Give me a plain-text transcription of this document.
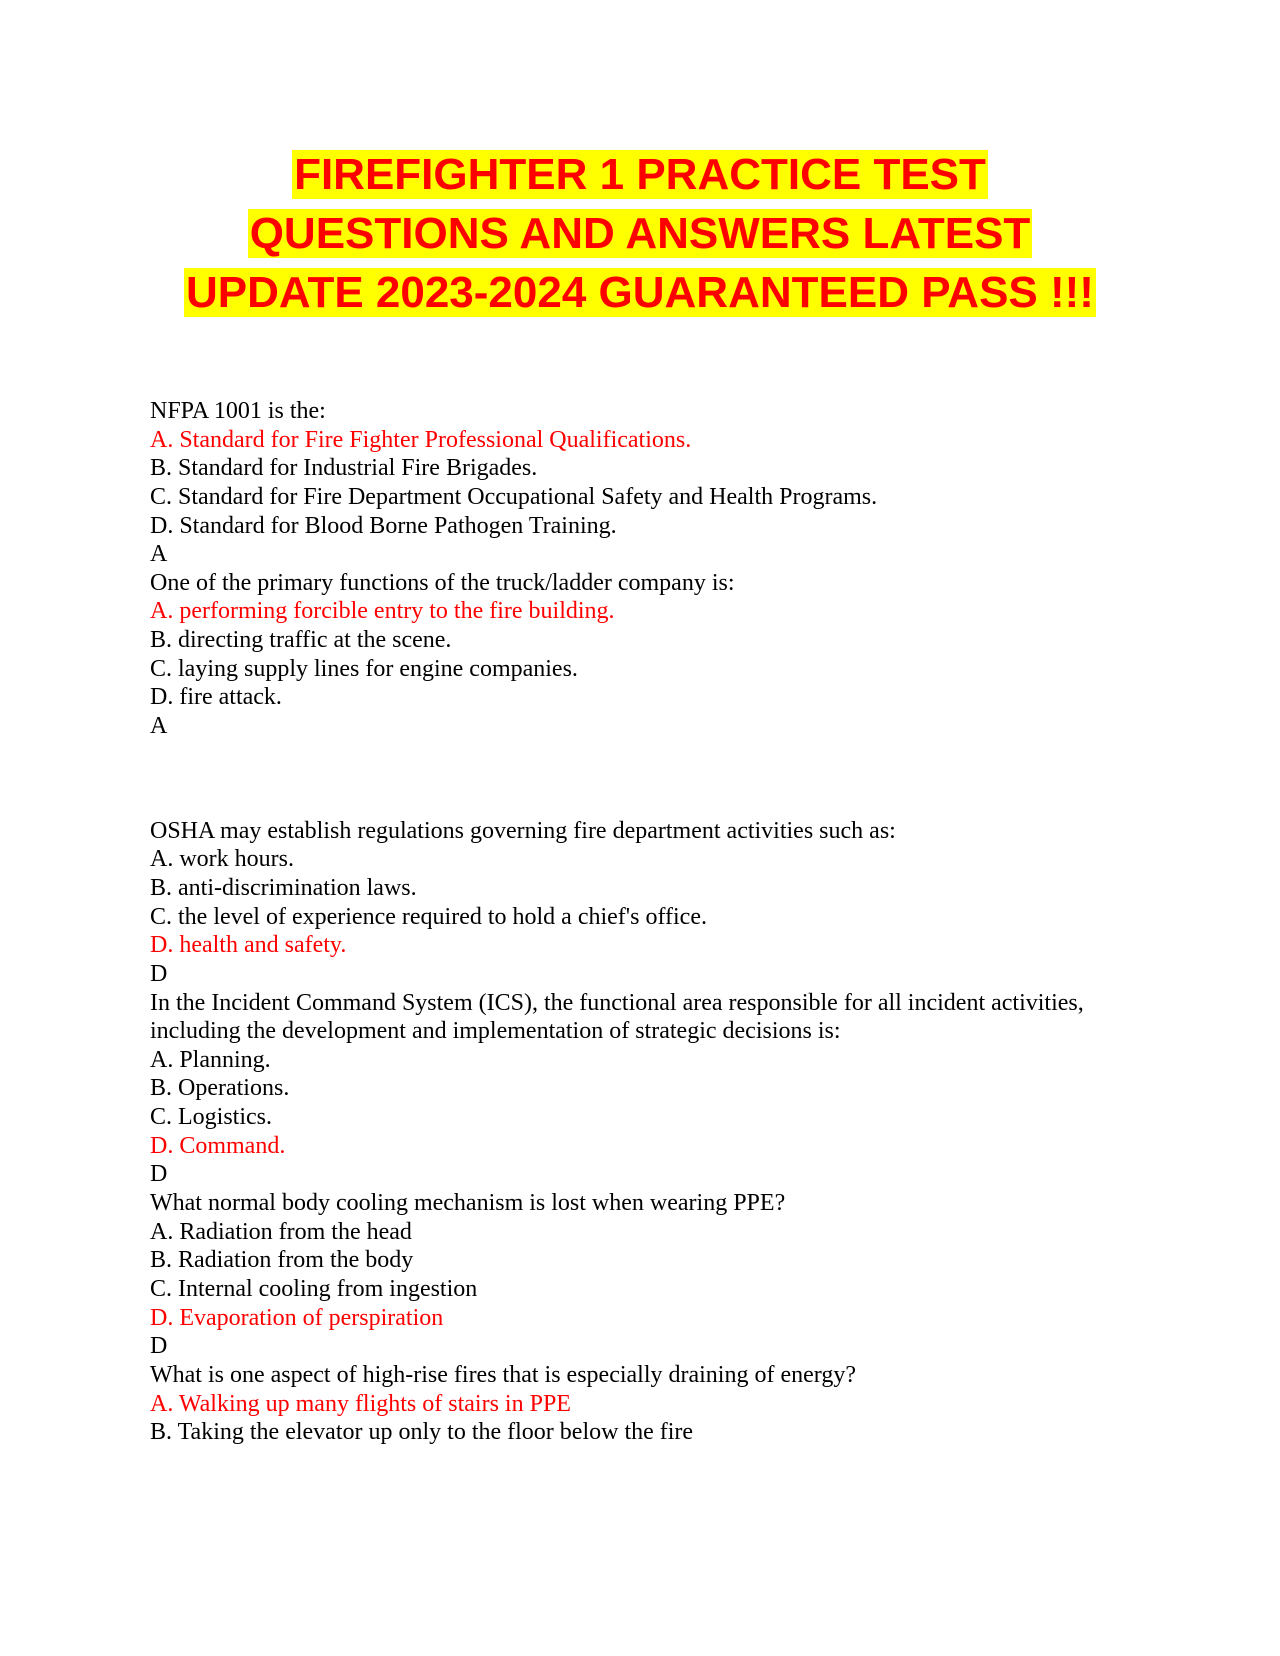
FIREFIGHTER 1 PRACTICE TEST
QUESTIONS AND ANSWERS LATEST
UPDATE 2023-2024 GUARANTEED PASS !!!
NFPA 1001 is the:
A. Standard for Fire Fighter Professional Qualifications.
B. Standard for Industrial Fire Brigades.
C. Standard for Fire Department Occupational Safety and Health Programs.
D. Standard for Blood Borne Pathogen Training.
A
One of the primary functions of the truck/ladder company is:
A. performing forcible entry to the fire building.
B. directing traffic at the scene.
C. laying supply lines for engine companies.
D. fire attack.
A
OSHA may establish regulations governing fire department activities such as:
A. work hours.
B. anti-discrimination laws.
C. the level of experience required to hold a chief's office.
D. health and safety.
D
In the Incident Command System (ICS), the functional area responsible for all incident activities,
including the development and implementation of strategic decisions is:
A. Planning.
B. Operations.
C. Logistics.
D. Command.
D
What normal body cooling mechanism is lost when wearing PPE?
A. Radiation from the head
B. Radiation from the body
C. Internal cooling from ingestion
D. Evaporation of perspiration
D
What is one aspect of high-rise fires that is especially draining of energy?
A. Walking up many flights of stairs in PPE
B. Taking the elevator up only to the floor below the fire
